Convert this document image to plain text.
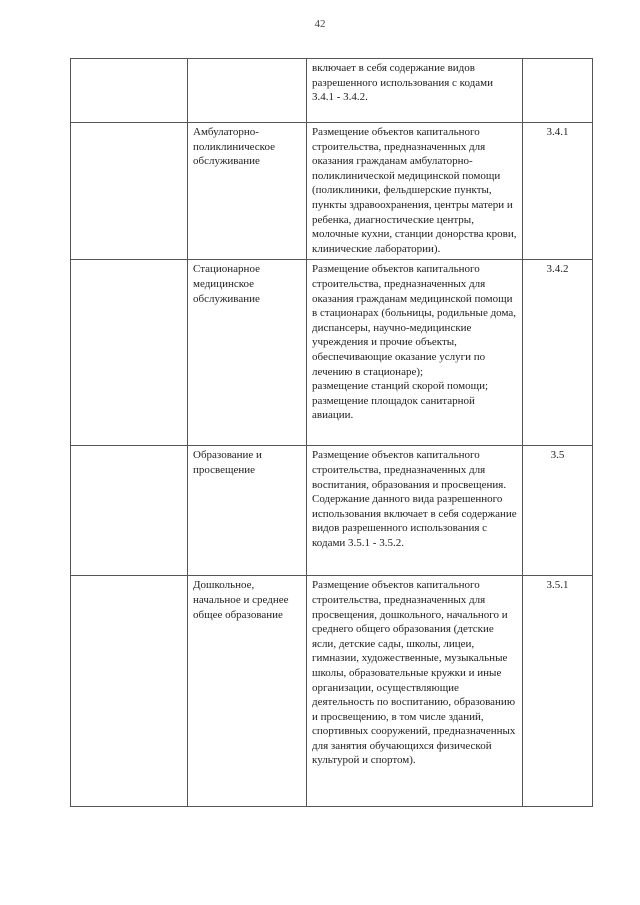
42

		включает в себя содержание видов разрешенного использования с кодами 3.4.1 - 3.4.2.	

	Амбулаторно-поликлиническое обслуживание	Размещение объектов капитального строительства, предназначенных для оказания гражданам амбулаторно-поликлинической медицинской помощи (поликлиники, фельдшерские пункты, пункты здравоохранения, центры матери и ребенка, диагностические центры, молочные кухни, станции донорства крови, клинические лаборатории).	3.4.1

	Стационарное медицинское обслуживание	Размещение объектов капитального строительства, предназначенных для оказания гражданам медицинской помощи в стационарах (больницы, родильные дома, диспансеры, научно-медицинские учреждения и прочие объекты, обеспечивающие оказание услуги по лечению в стационаре);
размещение станций скорой помощи;
размещение площадок санитарной авиации.	3.4.2

	Образование и просвещение	Размещение объектов капитального строительства, предназначенных для воспитания, образования и просвещения. Содержание данного вида разрешенного использования включает в себя содержание видов разрешенного использования с кодами 3.5.1 - 3.5.2.	3.5

	Дошкольное, начальное и среднее общее образование	Размещение объектов капитального строительства, предназначенных для просвещения, дошкольного, начального и среднего общего образования (детские ясли, детские сады, школы, лицеи, гимназии, художественные, музыкальные школы, образовательные кружки и иные организации, осуществляющие деятельность по воспитанию, образованию и просвещению, в том числе зданий, спортивных сооружений, предназначенных для занятия обучающихся физической культурой и спортом).	3.5.1
